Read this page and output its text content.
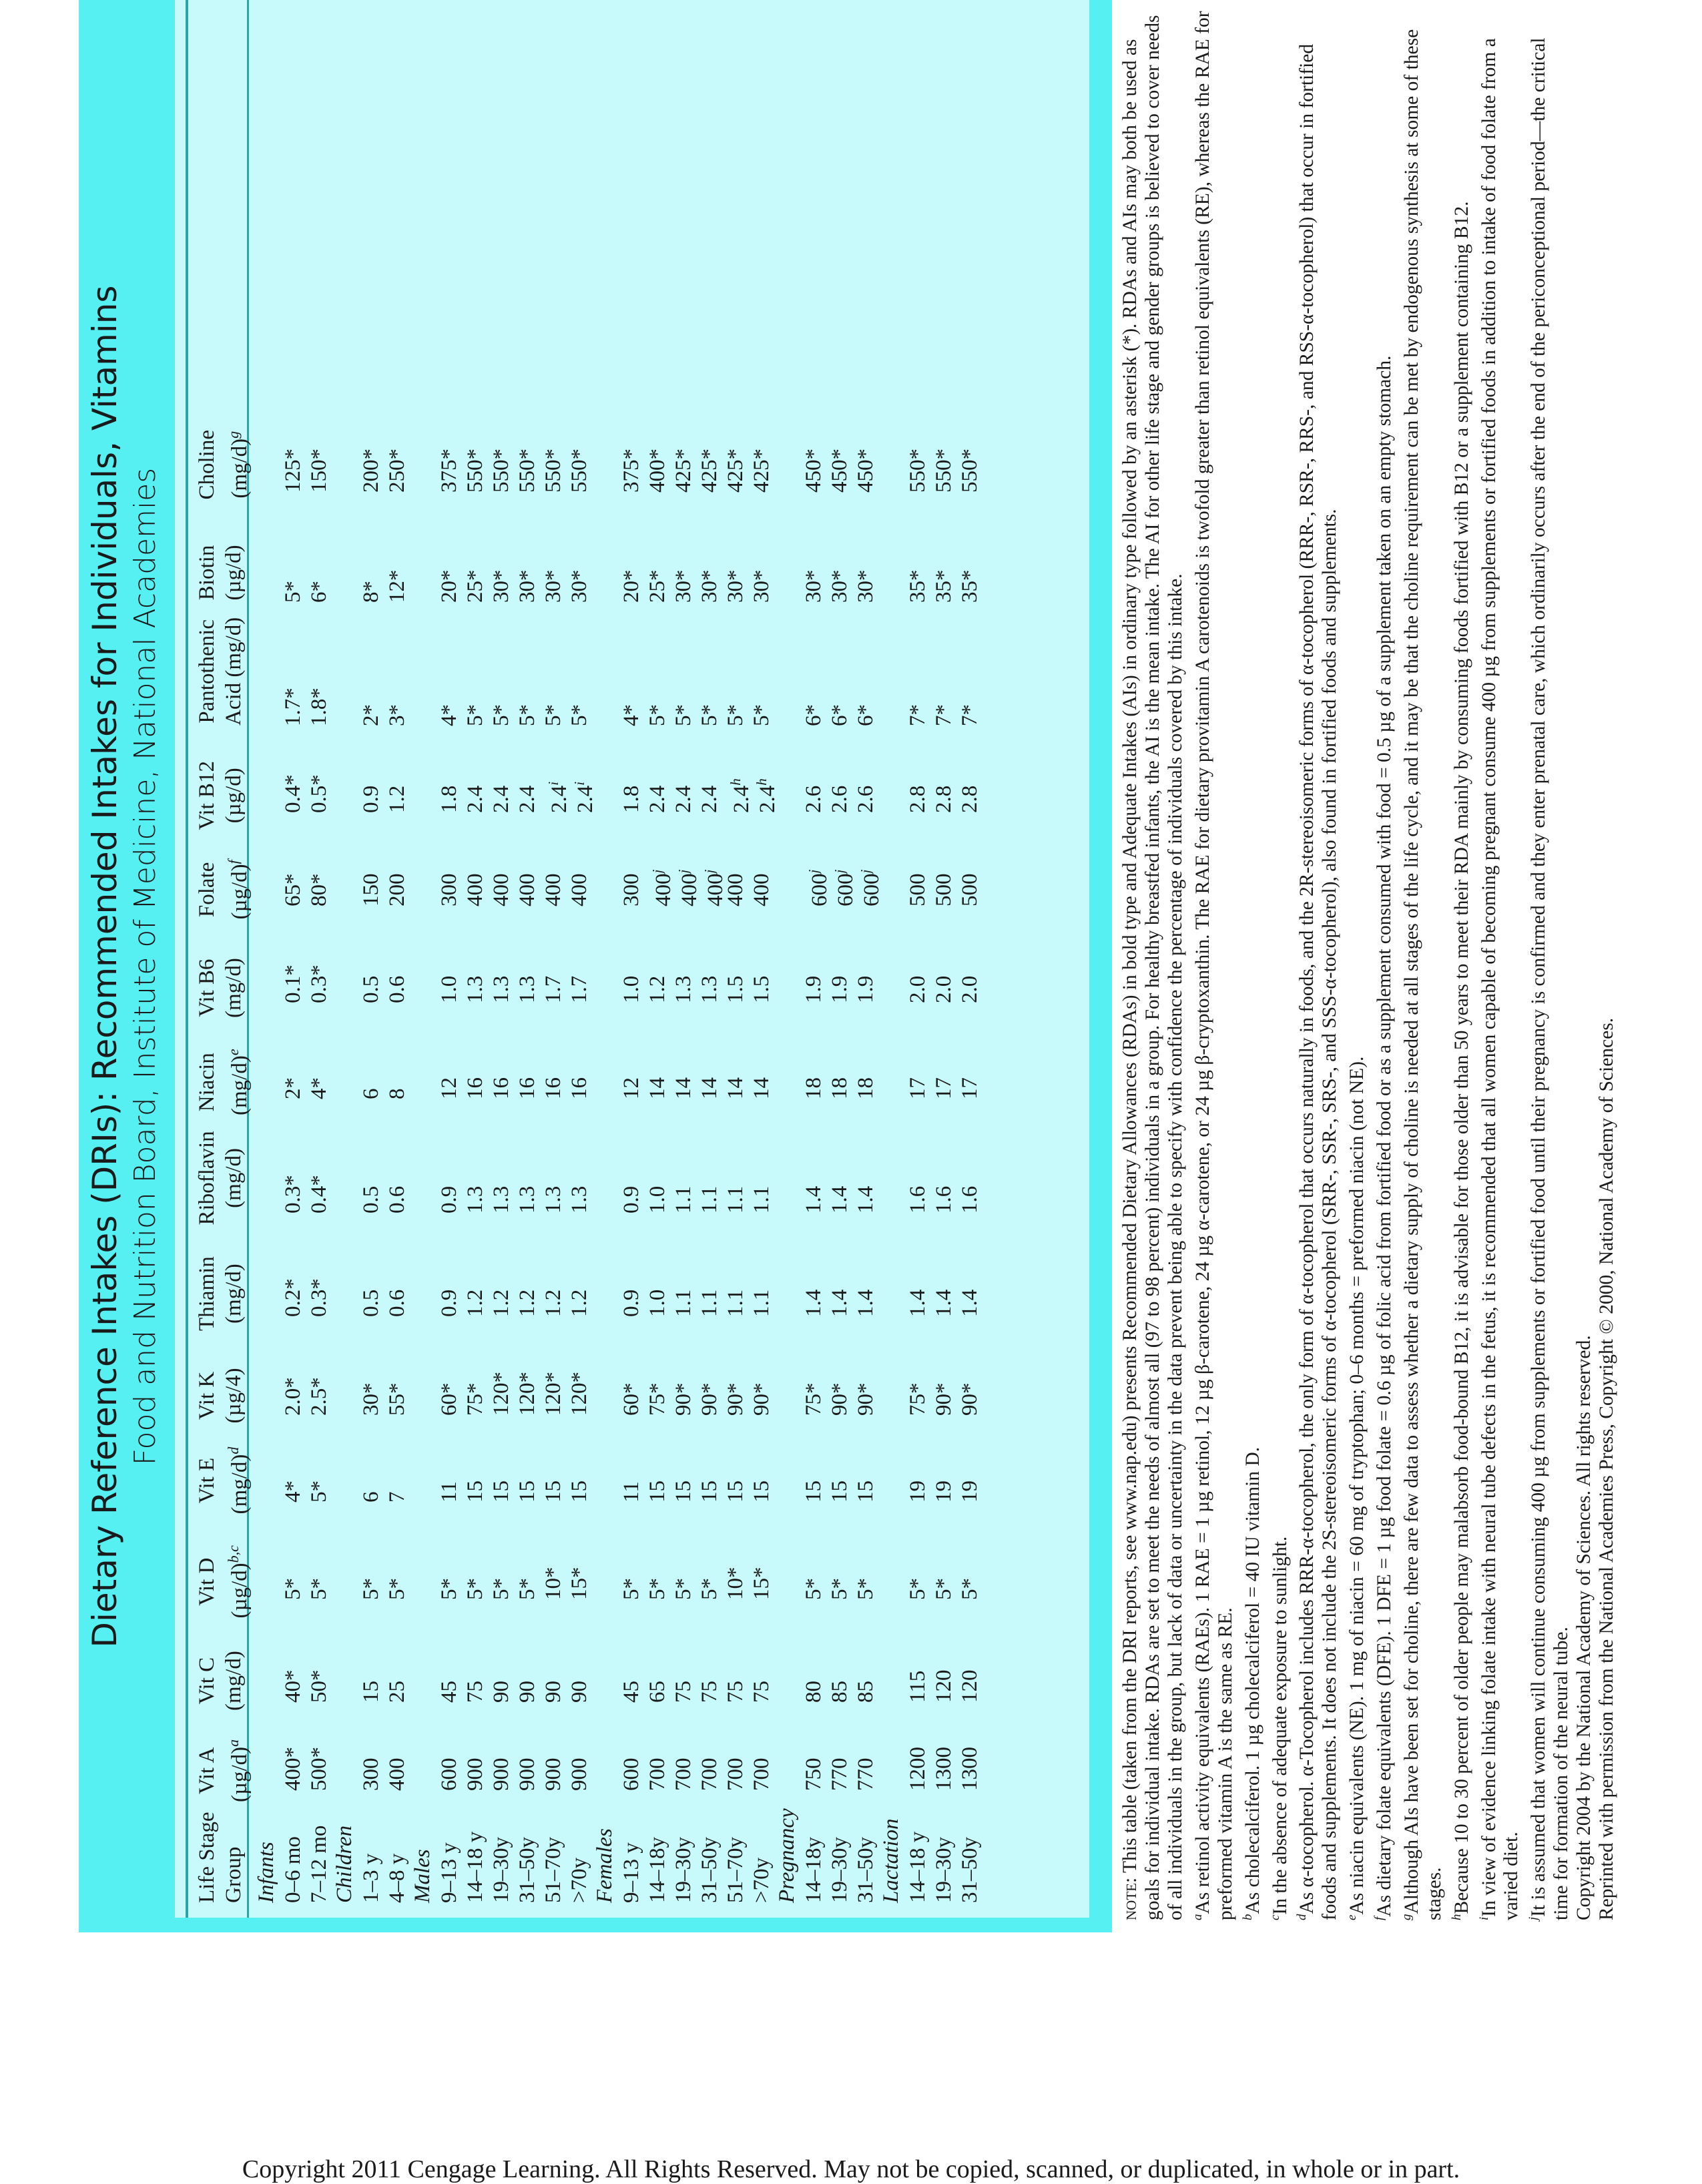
Dietary Reference Intakes (DRIs): Recommended Intakes for Individuals, Vitamins Food and Nutrition Board, Institute of Medicine, National Academies

note: This table (taken from the DRI reports, see www.nap.edu) presents Recommended Dietary Allowances (RDAs) in bold type and Adequate Intakes (AIs) in ordinary type followed by an asterisk (*). RDAs and AIs may both be used as goals for individual intake. RDAs are set to meet the needs of almost all (97 to 98 percent) individuals in a group. For healthy breastfed infants, the AI is the mean intake. The AI for other life stage and gender groups is believed to cover needs of all individuals in the group, but lack of data or uncertainty in the data prevent being able to specify with confidence the percentage of individuals covered by this intake. $^a$As retinol activity equivalents (RAEs). 1 RAE = 1 µg retinol, 12 µg β-carotene, 24 µg α-carotene, or 24 µg β-cryptoxanthin. The RAE for dietary provitamin A carotenoids is twofold greater than retinol equivalents (RE), whereas the RAE for preformed vitamin A is the same as RE. $^b$As cholecalciferol. 1 µg cholecalciferol = 40 IU vitamin D.

$^c$In the absence of adequate exposure to sunlight.

$^d$As α-tocopherol. α-Tocopherol includes RRR-α-tocopherol, the only form of α-tocopherol that occurs naturally in foods, and the 2R-stereoisomeric forms of α-tocopherol (RRR-, RSR-, RRS-, and RSS-α-tocopherol) that occur in fortified foods and supplements. It does not include the 2S-stereoisomeric forms of α-tocopherol (SRR-, SSR-, SRS-, and SSS-α-tocopherol), also found in fortified foods and supplements. $^e$As niacin equivalents (NE). 1 mg of niacin = 60 mg of tryptophan; 0–6 months = preformed niacin (not NE).

$^f$As dietary folate equivalents (DFE). 1 DFE = 1 µg food folate = 0.6 µg of folic acid from fortified food or as a supplement consumed with food = 0.5 µg of a supplement taken on an empty stomach.

$^g$Although AIs have been set for choline, there are few data to assess whether a dietary supply of choline is needed at all stages of the life cycle, and it may be that the choline requirement can be met by endogenous synthesis at some of these stages. $^h$Because 10 to 30 percent of older people may malabsorb food-bound B12, it is advisable for those older than 50 years to meet their RDA mainly by consuming foods fortified with B12 or a supplement containing B12.

$^i$In view of evidence linking folate intake with neural tube defects in the fetus, it is recommended that all women capable of becoming pregnant consume 400 µg from supplements or fortified foods in addition to intake of food folate from a varied diet. $^j$It is assumed that women will continue consuming 400 µg from supplements or fortified food until their pregnancy is confirmed and they enter prenatal care, which ordinarily occurs after the end of the periconceptional period—the critical time for formation of the neural tube. Copyright 2004 by the National Academy of Sciences. All rights reserved. Reprinted with permission from the National Academies Press, Copyright © 2000, National Academy of Sciences.

Life Stage Group
Vit A $(\mu g/d)^a$
Vit C (mg/d)
Vit D $(\mu g/d)^{b,c}$
Vit E $(mg/d)^d$
Vit K (µg/4)
Thiamin (mg/d)
Riboflavin (mg/d)
Niacin $(mg/d)^e$
Vit B6 (mg/d)
Folate $(\mu g/d)^f$
Vit B12 (µg/d)
Pantothenic Acid (mg/d)
Biotin (µg/d)
Choline $(mg/d)^g$
Infants 0–6 mo
400*
40*
5*
4*
2.0*
0.2*
0.3*
2*
0.1*
65*
0.4*
1.7*
5*
125*
7–12 mo
500*
50*
5*
5*
2.5*
0.3*
0.4*
4*
0.3*
80*
0.5*
1.8*
6*
150*
Children 1–3 y
300
15
5*
6
30*
0.5
0.5
6
0.5
150
0.9
2*
8*
200*
4–8 y
400
25
5*
7
55*
0.6
0.6
8
0.6
200
1.2
3*
12*
250*
Males 9–13 y
600
45
5*
11
60*
0.9
0.9
12
1.0
300
1.8
4*
20*
375*
14–18 y
900
75
5*
15
75*
1.2
1.3
16
1.3
400
2.4
5*
25*
550*
19–30y
900
90
5*
15
120*
1.2
1.3
16
1.3
400
2.4
5*
30*
550*
31–50y
900
90
5*
15
120*
1.2
1.3
16
1.3
400
2.4
5*
30*
550*
51–70y
900
90
10*
15
120*
1.2
1.3
16
1.7
400
2.4$^i$
5*
30*
550*
>70y
900
90
15*
15
120*
1.2
1.3
16
1.7
400
2.4$^i$
5*
30*
550*
Females 9–13 y
600
45
5*
11
60*
0.9
0.9
12
1.0
300
1.8
4*
20*
375*
14–18y
700
65
5*
15
75*
1.0
1.0
14
1.2
400$^j$
2.4
5*
25*
400*
19–30y
700
75
5*
15
90*
1.1
1.1
14
1.3
400$^j$
2.4
5*
30*
425*
31–50y
700
75
5*
15
90*
1.1
1.1
14
1.3
400$^j$
2.4
5*
30*
425*
51–70y
700
75
10*
15
90*
1.1
1.1
14
1.5
400
2.4$^h$
5*
30*
425*
>70y
700
75
15*
15
90*
1.1
1.1
14
1.5
400
2.4$^h$
5*
30*
425*
Pregnancy 14–18y
750
80
5*
15
75*
1.4
1.4
18
1.9
600$^j$
2.6
6*
30*
450*
19–30y
770
85
5*
15
90*
1.4
1.4
18
1.9
600$^j$
2.6
6*
30*
450*
31–50y
770
85
5*
15
90*
1.4
1.4
18
1.9
600$^j$
2.6
6*
30*
450*
Lactation 14–18 y
1200
115
5*
19
75*
1.4
1.6
17
2.0
500
2.8
7*
35*
550*
19–30y
1300
120
5*
19
90*
1.4
1.6
17
2.0
500
2.8
7*
35*
550*
31–50y
1300
120
5*
19
90*
1.4
1.6
17
2.0
500
2.8
7*
35*
550*
Copyright 2011 Cengage Learning. All Rights Reserved. May not be copied, scanned, or duplicated, in whole or in part.
